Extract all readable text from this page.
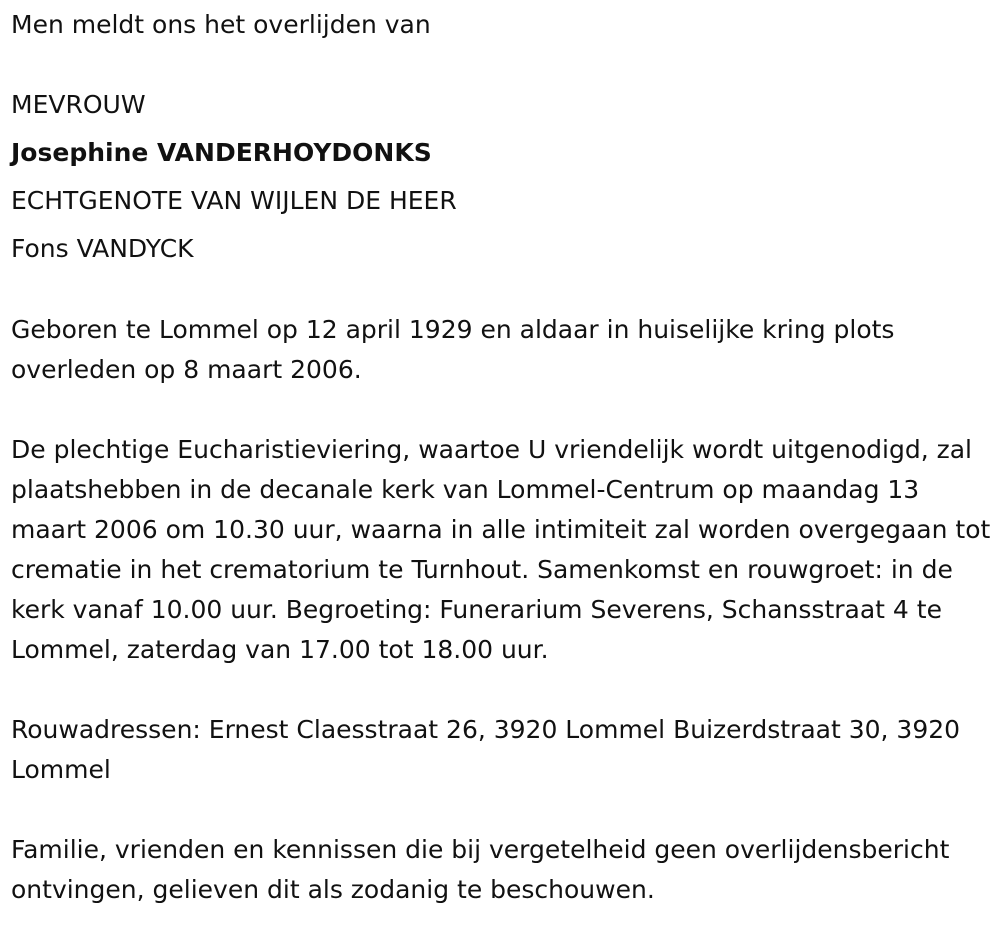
Men meldt ons het overlijden van
MEVROUW
Josephine VANDERHOYDONKS
ECHTGENOTE VAN WIJLEN DE HEER
Fons VANDYCK
Geboren te Lommel op 12 april 1929 en aldaar in huiselijke kring plots overleden op 8 maart 2006.
De plechtige Eucharistieviering, waartoe U vriendelijk wordt uitgenodigd, zal plaatshebben in de decanale kerk van Lommel-Centrum op maandag 13 maart 2006 om 10.30 uur, waarna in alle intimiteit zal worden overgegaan tot crematie in het crematorium te Turnhout. Samenkomst en rouwgroet: in de kerk vanaf 10.00 uur. Begroeting: Funerarium Severens, Schansstraat 4 te Lommel, zaterdag van 17.00 tot 18.00 uur.
Rouwadressen: Ernest Claesstraat 26, 3920 Lommel Buizerdstraat 30, 3920 Lommel
Familie, vrienden en kennissen die bij vergetelheid geen overlijdensbericht ontvingen, gelieven dit als zodanig te beschouwen.
